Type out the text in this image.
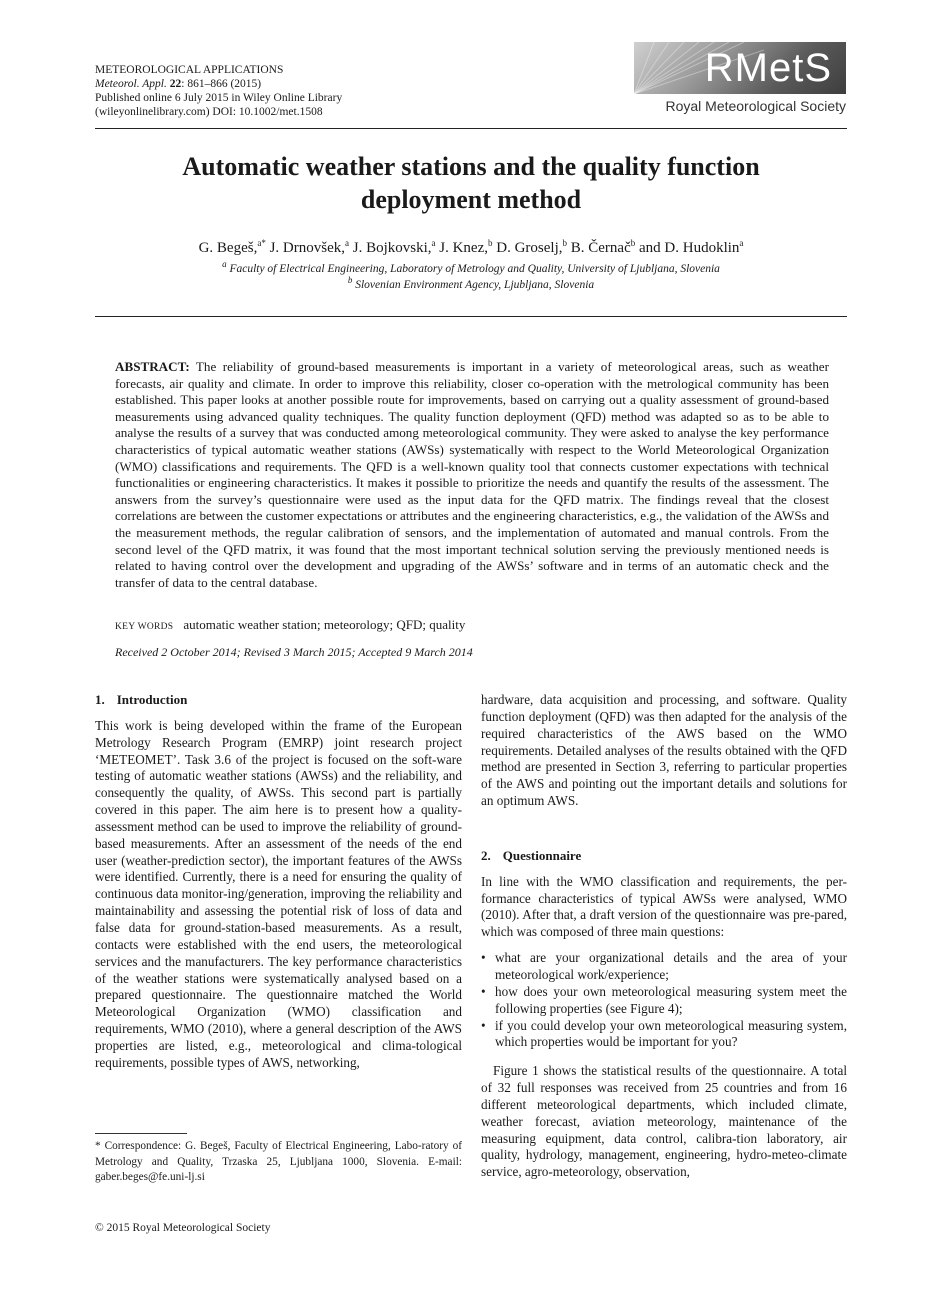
METEOROLOGICAL APPLICATIONS
Meteorol. Appl. 22: 861–866 (2015)
Published online 6 July 2015 in Wiley Online Library
(wileyonlinelibrary.com) DOI: 10.1002/met.1508
RMetS
Royal Meteorological Society
Automatic weather stations and the quality function
deployment method
G. Begeš,$^{a*}$ J. Drnovšek,$^a$ J. Bojkovski,$^a$ J. Knez,$^b$ D. Groselj,$^b$ B. Černač$^b$ and D. Hudoklin$^a$
$^a$ Faculty of Electrical Engineering, Laboratory of Metrology and Quality, University of Ljubljana, Slovenia
$^b$ Slovenian Environment Agency, Ljubljana, Slovenia
ABSTRACT: The reliability of ground-based measurements is important in a variety of meteorological areas, such as weather forecasts, air quality and climate. In order to improve this reliability, closer co-operation with the metrological community has been established. This paper looks at another possible route for improvements, based on carrying out a quality assessment of ground-based measurements using advanced quality techniques. The quality function deployment (QFD) method was adapted so as to be able to analyse the results of a survey that was conducted among meteorological community. They were asked to analyse the key performance characteristics of typical automatic weather stations (AWSs) systematically with respect to the World Meteorological Organization (WMO) classifications and requirements. The QFD is a well-known quality tool that connects customer expectations with technical functionalities or engineering characteristics. It makes it possible to prioritize the needs and quantify the results of the assessment. The answers from the survey’s questionnaire were used as the input data for the QFD matrix. The findings reveal that the closest correlations are between the customer expectations or attributes and the engineering characteristics, e.g., the validation of the AWSs and the measurement methods, the regular calibration of sensors, and the implementation of automated and manual controls. From the second level of the QFD matrix, it was found that the most important technical solution serving the previously mentioned needs is related to having control over the development and upgrading of the AWSs’ software and in terms of an automatic check and the transfer of data to the central database.
KEY WORDS automatic weather station; meteorology; QFD; quality
Received 2 October 2014; Revised 3 March 2015; Accepted 9 March 2014
1. Introduction

This work is being developed within the frame of the European Metrology Research Program (EMRP) joint research project ‘METEOMET’. Task 3.6 of the project is focused on the soft-ware testing of automatic weather stations (AWSs) and the reliability, and consequently the quality, of AWSs. This second part is partially covered in this paper. The aim here is to present how a quality-assessment method can be used to improve the reliability of ground-based measurements. After an assessment of the needs of the end user (weather-prediction sector), the important features of the AWSs were identified. Currently, there is a need for ensuring the quality of continuous data monitor-ing/generation, improving the reliability and maintainability and assessing the potential risk of loss of data and false data for ground-station-based measurements. As a result, contacts were established with the end users, the meteorological services and the manufacturers. The key performance characteristics of the weather stations were systematically analysed based on a prepared questionnaire. The questionnaire matched the World Meteorological Organization (WMO) classification and requirements, WMO (2010), where a general description of the AWS properties are listed, e.g., meteorological and clima-tological requirements, possible types of AWS, networking,

* Correspondence: G. Begeš, Faculty of Electrical Engineering, Labo-ratory of Metrology and Quality, Trzaska 25, Ljubljana 1000, Slovenia. E-mail: gaber.beges@fe.uni-lj.si

hardware, data acquisition and processing, and software. Quality function deployment (QFD) was then adapted for the analysis of the required characteristics of the AWS based on the WMO requirements. Detailed analyses of the results obtained with the QFD method are presented in Section 3, referring to particular properties of the AWS and pointing out the important details and solutions for an optimum AWS.

2. Questionnaire

In line with the WMO classification and requirements, the per-formance characteristics of typical AWSs were analysed, WMO (2010). After that, a draft version of the questionnaire was pre-pared, which was composed of three main questions:

• what are your organizational details and the area of your meteorological work/experience;
• how does your own meteorological measuring system meet the following properties (see Figure 4);
• if you could develop your own meteorological measuring system, which properties would be important for you?

Figure 1 shows the statistical results of the questionnaire. A total of 32 full responses was received from 25 countries and from 16 different meteorological departments, which included climate, weather forecast, aviation meteorology, maintenance of the measuring equipment, data control, calibra-tion laboratory, air quality, hydrology, management, engineering, hydro-meteo-climate service, agro-meteorology, observation,

© 2015 Royal Meteorological Society
